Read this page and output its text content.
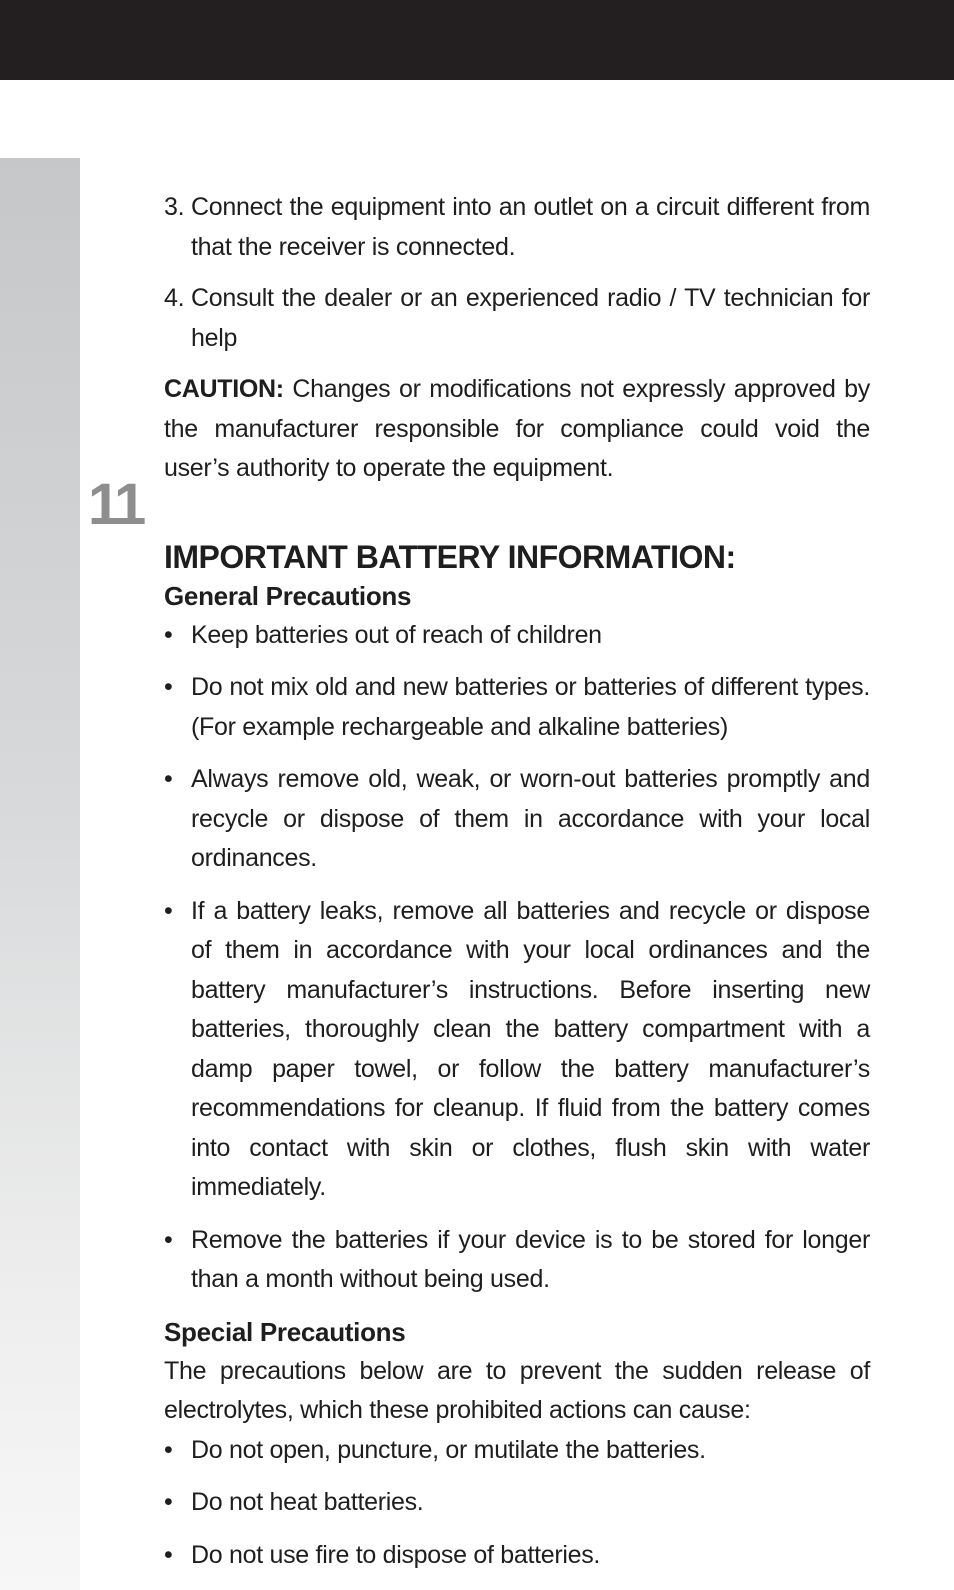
11
3. Connect the equipment into an outlet on a circuit different from that the receiver is connected.
4. Consult the dealer or an experienced radio / TV technician for help
CAUTION: Changes or modifications not expressly approved by the manufacturer responsible for compliance could void the user’s authority to operate the equipment.
IMPORTANT BATTERY INFORMATION:
General Precautions
• Keep batteries out of reach of children
• Do not mix old and new batteries or batteries of different types. (For example rechargeable and alkaline batteries)
• Always remove old, weak, or worn-out batteries promptly and recycle or dispose of them in accordance with your local ordinances.
• If a battery leaks, remove all batteries and recycle or dispose of them in accordance with your local ordinances and the battery manufacturer’s instructions. Before inserting new batteries, thoroughly clean the battery compartment with a damp paper towel, or follow the battery manufacturer’s recommendations for cleanup. If fluid from the battery comes into contact with skin or clothes, flush skin with water immediately.
• Remove the batteries if your device is to be stored for longer than a month without being used.
Special Precautions
The precautions below are to prevent the sudden release of electrolytes, which these prohibited actions can cause:
• Do not open, puncture, or mutilate the batteries.
• Do not heat batteries.
• Do not use fire to dispose of batteries.
